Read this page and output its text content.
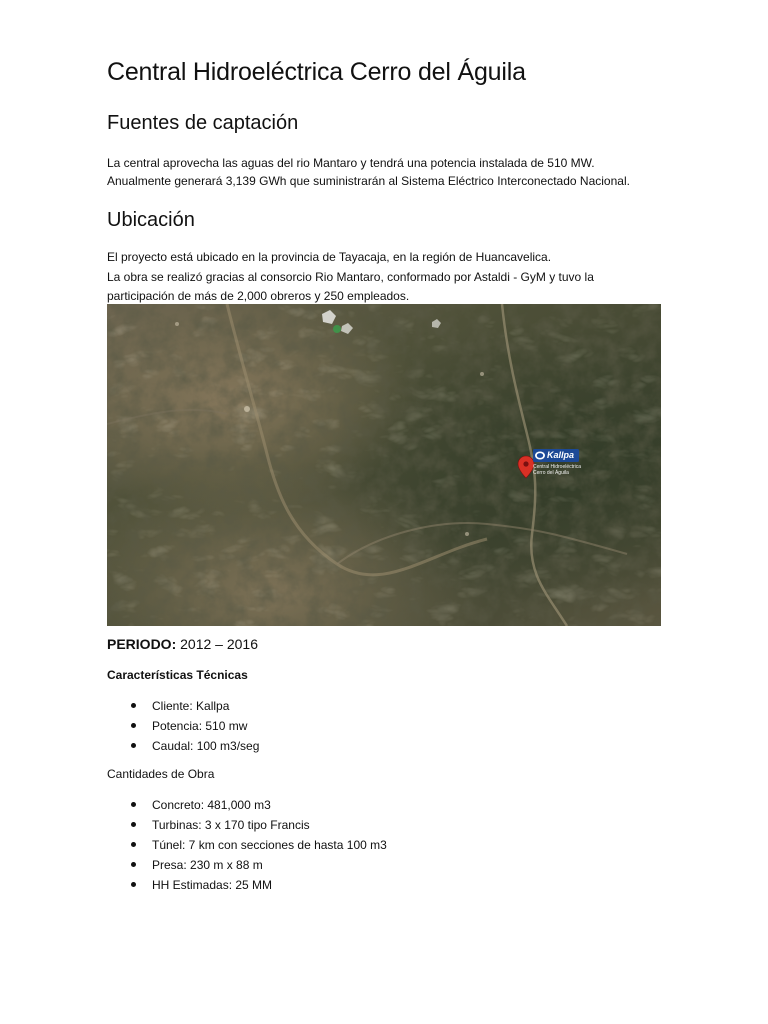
Central Hidroeléctrica Cerro del Águila
Fuentes de captación

La central aprovecha las aguas del rio Mantaro y tendrá una potencia instalada de 510 MW.
Anualmente generará 3,139 GWh que suministrarán al Sistema Eléctrico Interconectado Nacional.

Ubicación

El proyecto está ubicado en la provincia de Tayacaja, en la región de Huancavelica.
La obra se realizó gracias al consorcio Rio Mantaro, conformado por Astaldi - GyM y tuvo la
participación de más de 2,000 obreros y 250 empleados.

Kallpa
Central Hidroeléctrica
Cerro del Águila
PERIODO: 2012 – 2016
Características Técnicas
Cliente: Kallpa
Potencia: 510 mw
Caudal: 100 m3/seg
Cantidades de Obra
Concreto: 481,000 m3
Turbinas: 3 x 170 tipo Francis
Túnel: 7 km con secciones de hasta 100 m3
Presa: 230 m x 88 m
HH Estimadas: 25 MM
